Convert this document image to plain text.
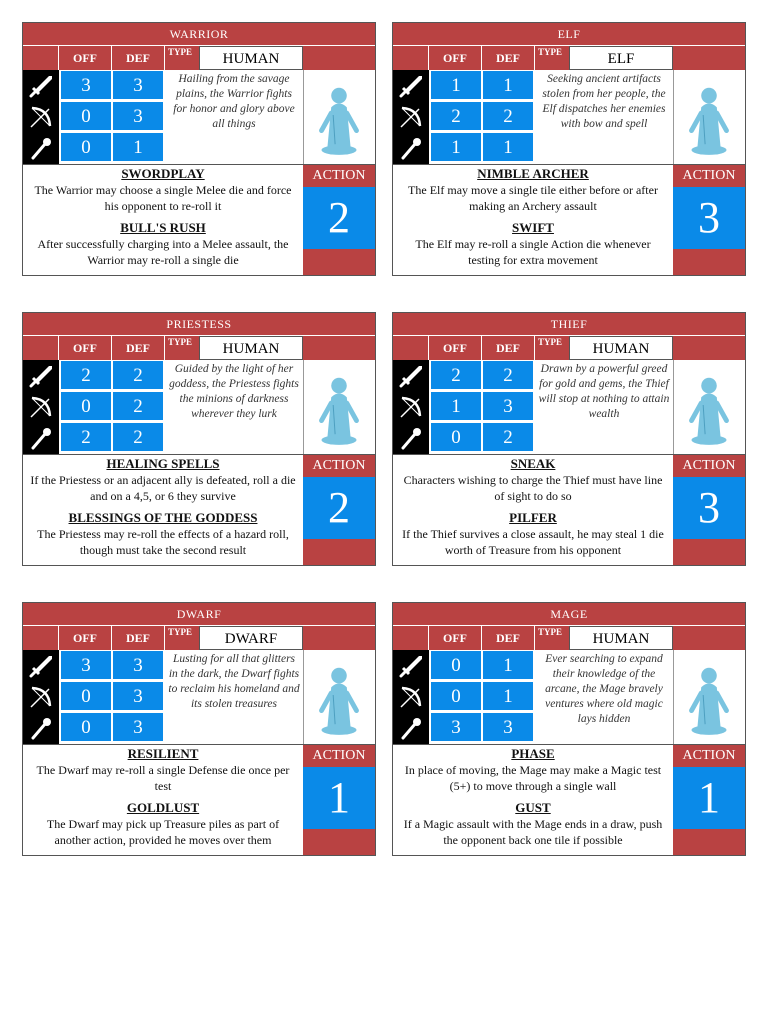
WARRIOR
OFF	DEF	TYPE	HUMAN
3	3
0	3
0	1
Hailing from the savage plains, the Warrior fights for honor and glory above all things
SWORDPLAY
The Warrior may choose a single Melee die and force his opponent to re-roll it
BULL'S RUSH
After successfully charging into a Melee assault, the Warrior may re-roll a single die
ACTION
2
ELF
OFF	DEF	TYPE	ELF
1	1
2	2
1	1
Seeking ancient artifacts stolen from her people, the Elf dispatches her enemies with bow and spell
NIMBLE ARCHER
The Elf may move a single tile either before or after making an Archery assault
SWIFT
The Elf may re-roll a single Action die whenever testing for extra movement
ACTION
3
PRIESTESS
OFF	DEF	TYPE	HUMAN
2	2
0	2
2	2
Guided by the light of her goddess, the Priestess fights the minions of darkness wherever they lurk
HEALING SPELLS
If the Priestess or an adjacent ally is defeated, roll a die and on a 4,5, or 6 they survive
BLESSINGS OF THE GODDESS
The Priestess may re-roll the effects of a hazard roll, though must take the second result
ACTION
2
THIEF
OFF	DEF	TYPE	HUMAN
2	2
1	3
0	2
Drawn by a powerful greed for gold and gems, the Thief will stop at nothing to attain wealth
SNEAK
Characters wishing to charge the Thief must have line of sight to do so
PILFER
If the Thief survives a close assault, he may steal 1 die worth of Treasure from his opponent
ACTION
3
DWARF
OFF	DEF	TYPE	DWARF
3	3
0	3
0	3
Lusting for all that glitters in the dark, the Dwarf fights to reclaim his homeland and its stolen treasures
RESILIENT
The Dwarf may re-roll a single Defense die once per test
GOLDLUST
The Dwarf may pick up Treasure piles as part of another action, provided he moves over them
ACTION
1
MAGE
OFF	DEF	TYPE	HUMAN
0	1
0	1
3	3
Ever searching to expand their knowledge of the arcane, the Mage bravely ventures where old magic lays hidden
PHASE
In place of moving, the Mage may make a Magic test (5+) to move through a single wall
GUST
If a Magic assault with the Mage ends in a draw, push the opponent back one tile if possible
ACTION
1
